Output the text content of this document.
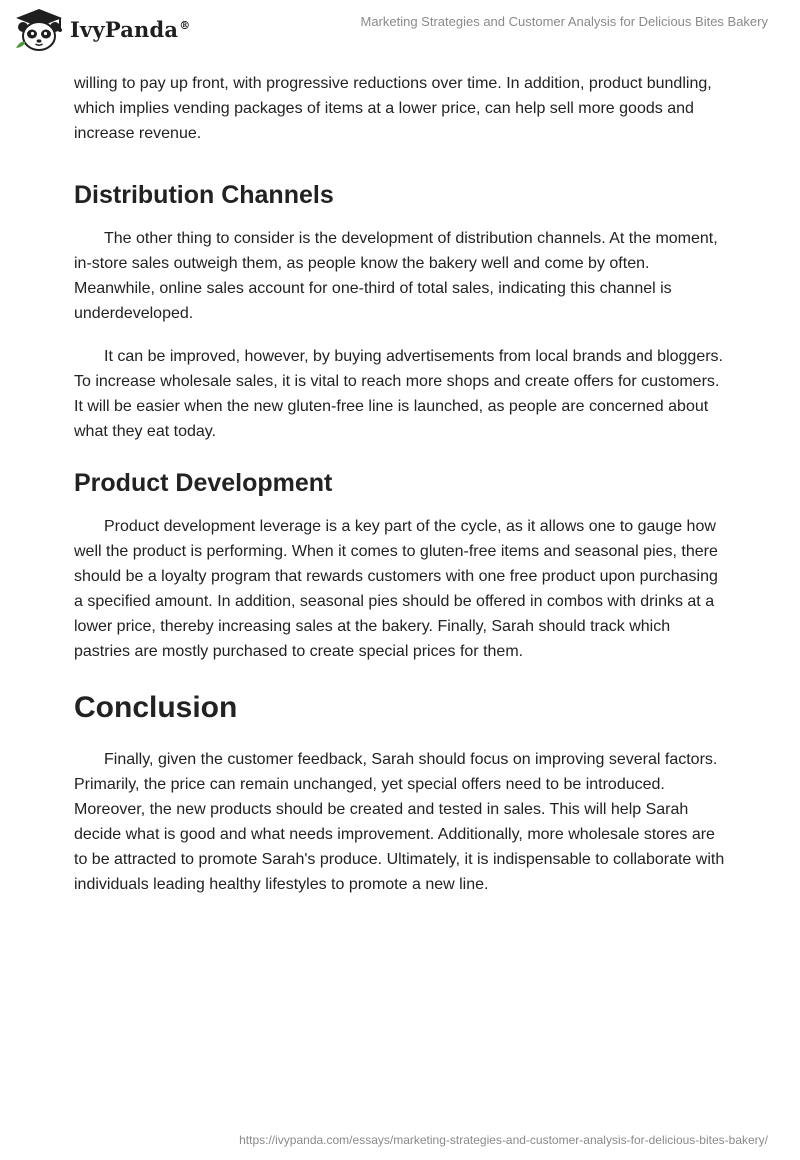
IvyPanda®	Marketing Strategies and Customer Analysis for Delicious Bites Bakery

willing to pay up front, with progressive reductions over time. In addition, product bundling, which implies vending packages of items at a lower price, can help sell more goods and increase revenue.

Distribution Channels

The other thing to consider is the development of distribution channels. At the moment, in-store sales outweigh them, as people know the bakery well and come by often. Meanwhile, online sales account for one-third of total sales, indicating this channel is underdeveloped.

It can be improved, however, by buying advertisements from local brands and bloggers. To increase wholesale sales, it is vital to reach more shops and create offers for customers. It will be easier when the new gluten-free line is launched, as people are concerned about what they eat today.

Product Development

Product development leverage is a key part of the cycle, as it allows one to gauge how well the product is performing. When it comes to gluten-free items and seasonal pies, there should be a loyalty program that rewards customers with one free product upon purchasing a specified amount. In addition, seasonal pies should be offered in combos with drinks at a lower price, thereby increasing sales at the bakery. Finally, Sarah should track which pastries are mostly purchased to create special prices for them.

Conclusion

Finally, given the customer feedback, Sarah should focus on improving several factors. Primarily, the price can remain unchanged, yet special offers need to be introduced. Moreover, the new products should be created and tested in sales. This will help Sarah decide what is good and what needs improvement. Additionally, more wholesale stores are to be attracted to promote Sarah's produce. Ultimately, it is indispensable to collaborate with individuals leading healthy lifestyles to promote a new line.

https://ivypanda.com/essays/marketing-strategies-and-customer-analysis-for-delicious-bites-bakery/
